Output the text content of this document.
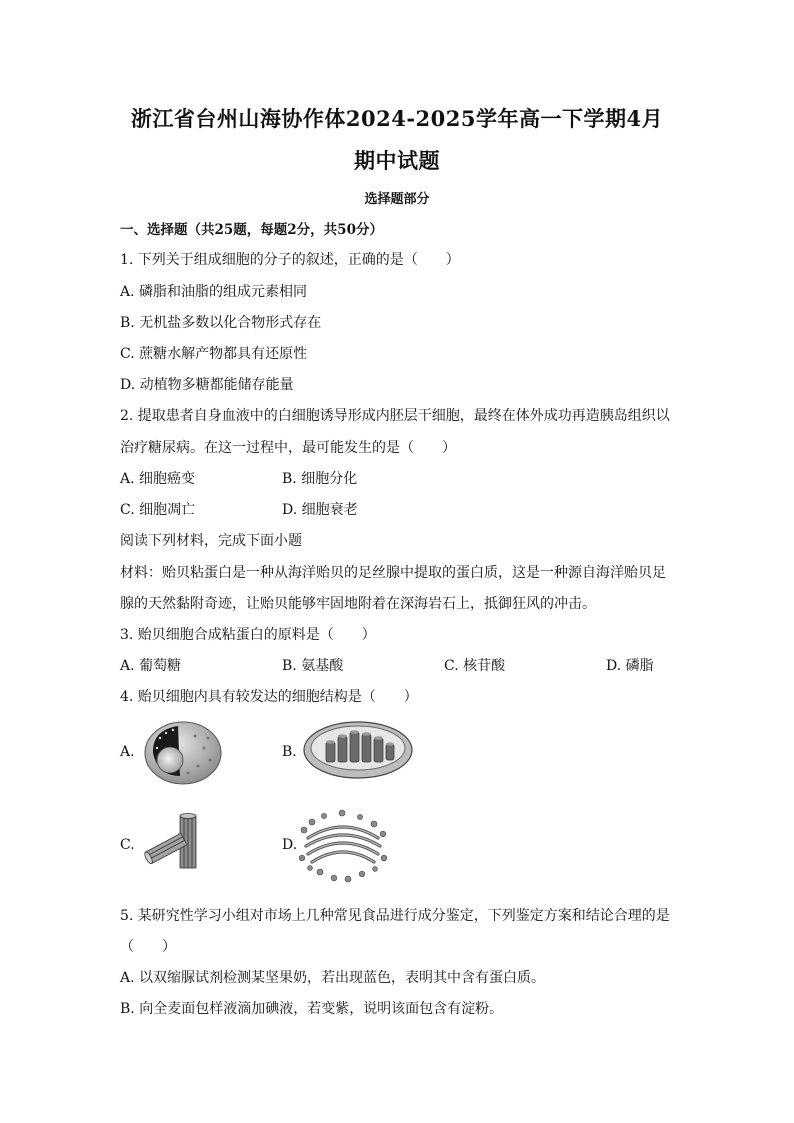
浙江省台州山海协作体2024-2025学年高一下学期4月
期中试题
选择题部分
一、选择题（共25题，每题2分，共50分）
1. 下列关于组成细胞的分子的叙述，正确的是（　　）
A. 磷脂和油脂的组成元素相同
B. 无机盐多数以化合物形式存在
C. 蔗糖水解产物都具有还原性
D. 动植物多糖都能储存能量
2. 提取患者自身血液中的白细胞诱导形成内胚层干细胞，最终在体外成功再造胰岛组织以
治疗糖尿病。在这一过程中，最可能发生的是（　　）
A. 细胞癌变	B. 细胞分化
C. 细胞凋亡	D. 细胞衰老
阅读下列材料，完成下面小题
材料：贻贝粘蛋白是一种从海洋贻贝的足丝腺中提取的蛋白质，这是一种源自海洋贻贝足
腺的天然黏附奇迹，让贻贝能够牢固地附着在深海岩石上，抵御狂风的冲击。
3. 贻贝细胞合成粘蛋白的原料是（　　）
A. 葡萄糖	B. 氨基酸	C. 核苷酸	D. 磷脂
4. 贻贝细胞内具有较发达的细胞结构是（　　）
A.	B.
C.	D.
5. 某研究性学习小组对市场上几种常见食品进行成分鉴定，下列鉴定方案和结论合理的是
（　　）
A. 以双缩脲试剂检测某坚果奶，若出现蓝色，表明其中含有蛋白质。
B. 向全麦面包样液滴加碘液，若变紫，说明该面包含有淀粉。
